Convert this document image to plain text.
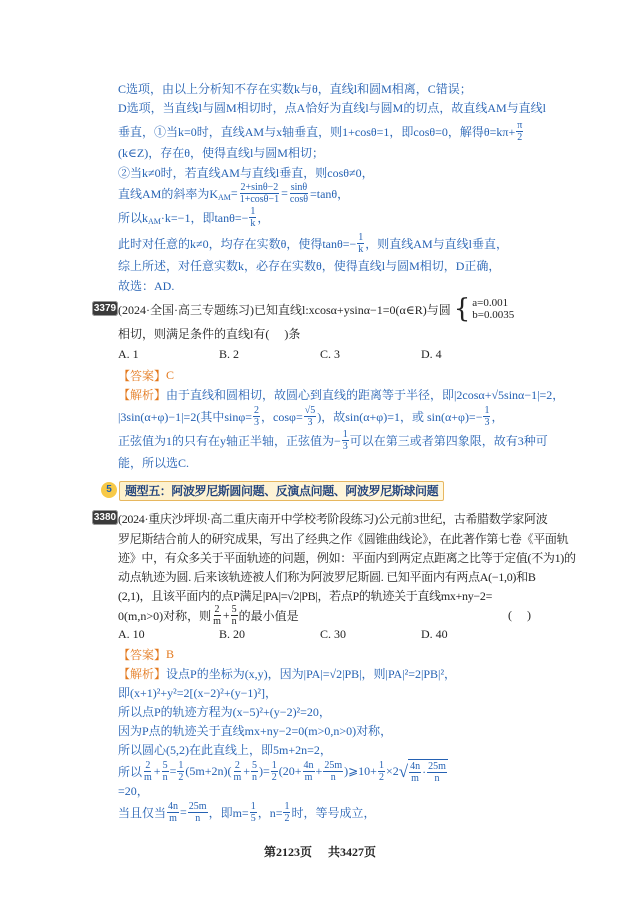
C选项，由以上分析知不存在实数k与θ，直线l和圆M相离，C错误；
D选项，当直线l与圆M相切时，点A恰好为直线l与圆M的切点，故直线AM与直线l
垂直，①当k=0时，直线AM与x轴垂直，则1+cosθ=1，即cosθ=0，解得$\theta=k\pi+ \frac{\pi}{2}$
(k∈Z)，存在θ，使得直线l与圆M相切；
②当k≠0时，若直线AM与直线l垂直，则cosθ≠0，
直线AM的斜率为K AM = $\frac{2+\sin\theta-2}{1+\cos\theta-1} = \frac{\sin\theta}{\cos\theta} =\tan\theta$，
所以k AM ·k=−1，即$\tan\theta=- \frac{1}{k}$ ，
此时对任意的k≠0，均存在实数θ，使得$\tan\theta=- \frac{1}{k}$ ，则直线AM与直线l垂直，
综上所述，对任意实数k，必存在实数θ，使得直线l与圆M相切，D正确，
故选：AD.
3379 (2024·全国·高三专题练习)已知直线l:xcosα+ysinα−1=0(α∈R)与圆
{ a=0.001
b=0.0035
相切，则满足条件的直线l有(     )条
A. 1	B. 2	C. 3	D. 4
【答案】 C
【解析】 由于直线和圆相切，故圆心到直线的距离等于半径，即|2cosα+√5sinα−1|=2，
|3sin(α+φ)−1|=2(其中$\sin\varphi= \frac{2}{3}$ ，$\cos\varphi= \frac{√5}{3}$ )，故sin(α+φ)=1，或 $\sin(\alpha+\varphi)=- \frac{1}{3}$ ，
正弦值为1的只有在y轴正半轴，正弦值为− $\frac{1}{3}$ 可以在第三或者第四象限，故有3种可
能，所以选C.
5	题型五：阿波罗尼斯圆问题、反演点问题、阿波罗尼斯球问题
3380 (2024·重庆沙坪坝·高二重庆南开中学校考阶段练习)公元前3世纪，古希腊数学家阿波
罗尼斯结合前人的研究成果，写出了经典之作《圆锥曲线论》，在此著作第七卷《平面轨
迹》中，有众多关于平面轨迹的问题，例如：平面内到两定点距离之比等于定值(不为1)的
动点轨迹为圆. 后来该轨迹被人们称为阿波罗尼斯圆. 已知平面内有两点A(−1,0)和B
(2,1)，且该平面内的点P满足|PA|=√2|PB|，若点P的轨迹关于直线mx+ny−2=
0(m,n>0)对称，则 $\frac{2}{m} + \frac{5}{n}$ 的最小值是	(     )
A. 10	B. 20	C. 30	D. 40
【答案】 B
【解析】 设点P的坐标为(x,y)，因为|PA|=√2|PB|，则|PA|²=2|PB|²，
即(x+1)²+y²=2[(x−2)²+(y−1)²]，
所以点P的轨迹方程为(x−5)²+(y−2)²=20，
因为P点的轨迹关于直线mx+ny−2=0(m>0,n>0)对称，
所以圆心(5,2)在此直线上，即5m+2n=2，
所以 $\frac{2}{m} + \frac{5}{n} = \frac{1}{2} (5m+2n)( \frac{2}{m} + \frac{5}{n}$ )= $\frac{1}{2} (20+ \frac{4n}{m} + \frac{25m}{n}$ )⩾10+ $\frac{1}{2} \times 2$ √ $\frac{4n}{m} \cdot \frac{25m}{n}$
=20，
当且仅当 $\frac{4n}{m} = \frac{25m}{n}$ ，即$m= \frac{1}{5}$ ，$n= \frac{1}{2}$ 时，等号成立，
第2123页 共3427页
